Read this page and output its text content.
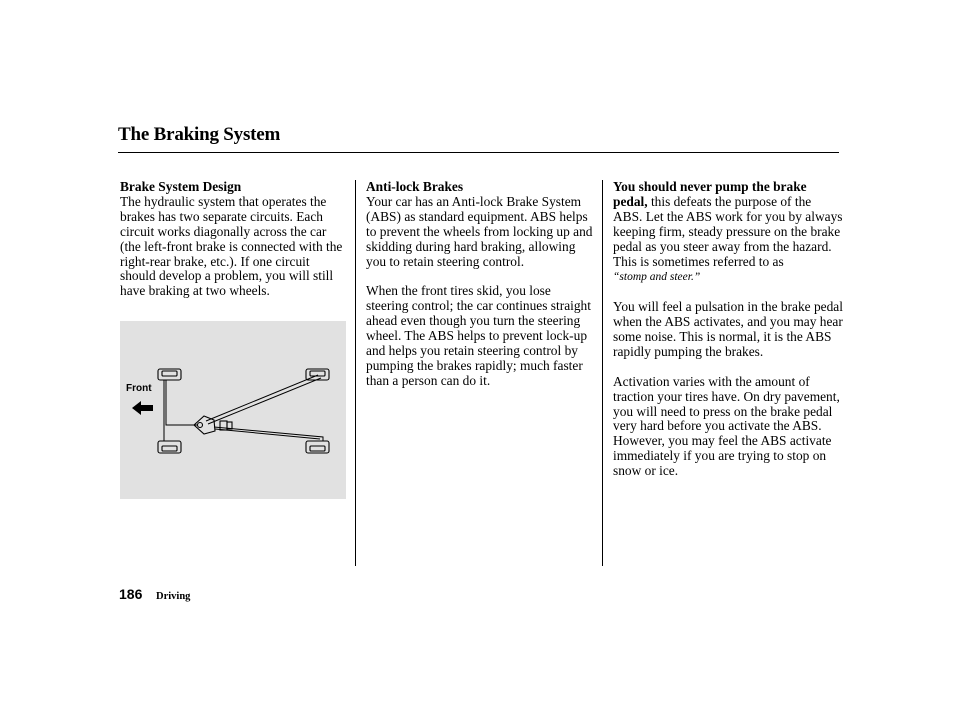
The Braking System
Brake System Design

The hydraulic system that operates the brakes has two separate circuits. Each circuit works diagonally across the car (the left-front brake is connected with the right-rear brake, etc.). If one circuit should develop a problem, you will still have braking at two wheels.

Front
Anti-lock Brakes

Your car has an Anti-lock Brake System (ABS) as standard equipment. ABS helps to prevent the wheels from locking up and skidding during hard braking, allowing you to retain steering control.

When the front tires skid, you lose steering control; the car continues straight ahead even though you turn the steering wheel. The ABS helps to prevent lock-up and helps you retain steering control by pumping the brakes rapidly; much faster than a person can do it.

You should never pump the brake pedal, this defeats the purpose of the ABS. Let the ABS work for you by always keeping firm, steady pressure on the brake pedal as you steer away from the hazard. This is sometimes referred to as
“stomp and steer.”

You will feel a pulsation in the brake pedal when the ABS activates, and you may hear some noise. This is normal, it is the ABS rapidly pumping the brakes.

Activation varies with the amount of traction your tires have. On dry pavement, you will need to press on the brake pedal very hard before you activate the ABS. However, you may feel the ABS activate immediately if you are trying to stop on snow or ice.

186 Driving
